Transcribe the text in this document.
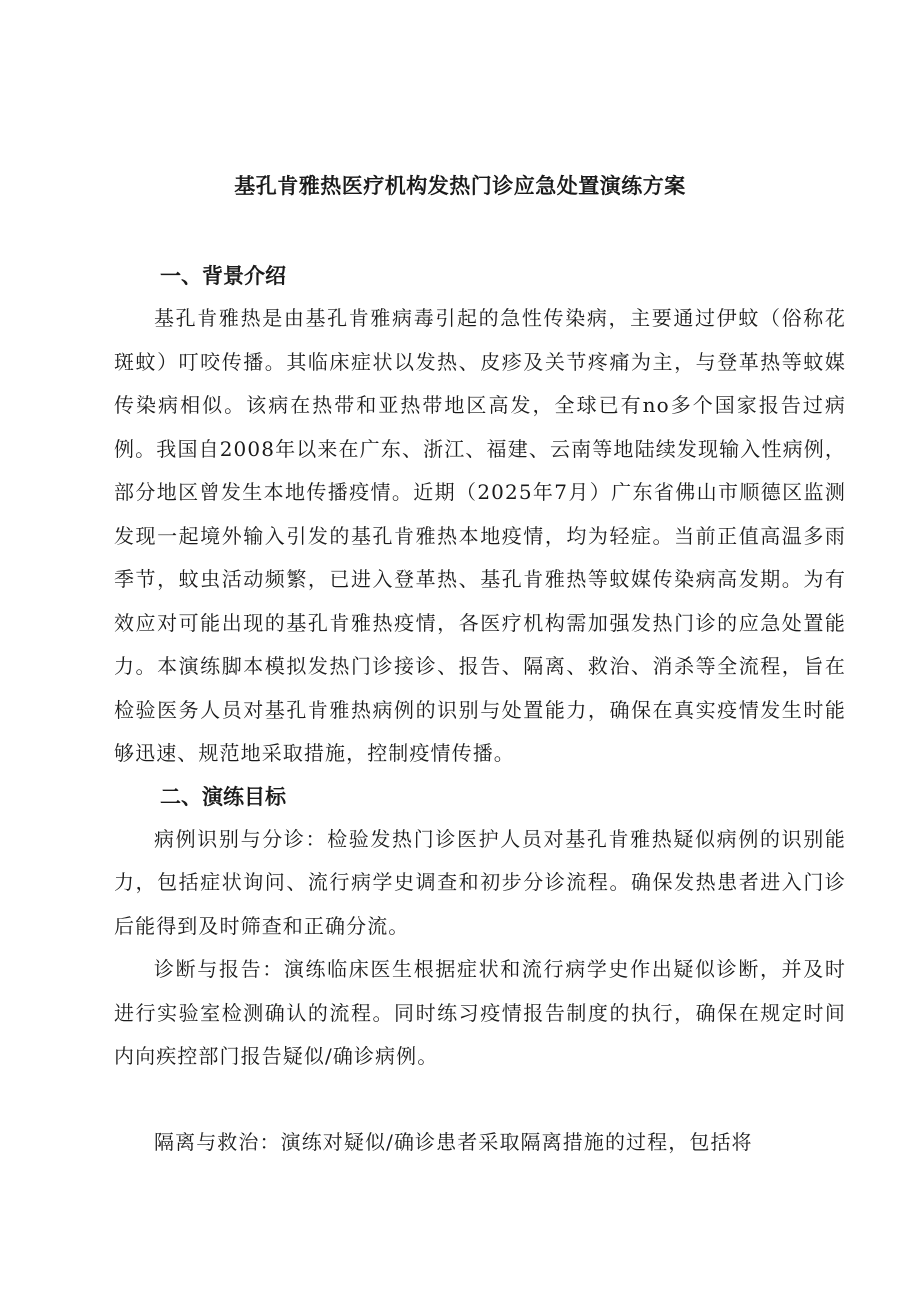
基孔肯雅热医疗机构发热门诊应急处置演练方案
一、背景介绍

基孔肯雅热是由基孔肯雅病毒引起的急性传染病，主要通过伊蚊（俗称花斑蚊）叮咬传播。其临床症状以发热、皮疹及关节疼痛为主，与登革热等蚊媒传染病相似。该病在热带和亚热带地区高发，全球已有no多个国家报告过病例。我国自2008年以来在广东、浙江、福建、云南等地陆续发现输入性病例，部分地区曾发生本地传播疫情。近期（2025年7月）广东省佛山市顺德区监测发现一起境外输入引发的基孔肯雅热本地疫情，均为轻症。当前正值高温多雨季节，蚊虫活动频繁，已进入登革热、基孔肯雅热等蚊媒传染病高发期。为有效应对可能出现的基孔肯雅热疫情，各医疗机构需加强发热门诊的应急处置能力。本演练脚本模拟发热门诊接诊、报告、隔离、救治、消杀等全流程，旨在检验医务人员对基孔肯雅热病例的识别与处置能力，确保在真实疫情发生时能够迅速、规范地采取措施，控制疫情传播。

二、演练目标

病例识别与分诊：检验发热门诊医护人员对基孔肯雅热疑似病例的识别能力，包括症状询问、流行病学史调查和初步分诊流程。确保发热患者进入门诊后能得到及时筛查和正确分流。

诊断与报告：演练临床医生根据症状和流行病学史作出疑似诊断，并及时进行实验室检测确认的流程。同时练习疫情报告制度的执行，确保在规定时间内向疾控部门报告疑似/确诊病例。

隔离与救治：演练对疑似/确诊患者采取隔离措施的过程，包括将
